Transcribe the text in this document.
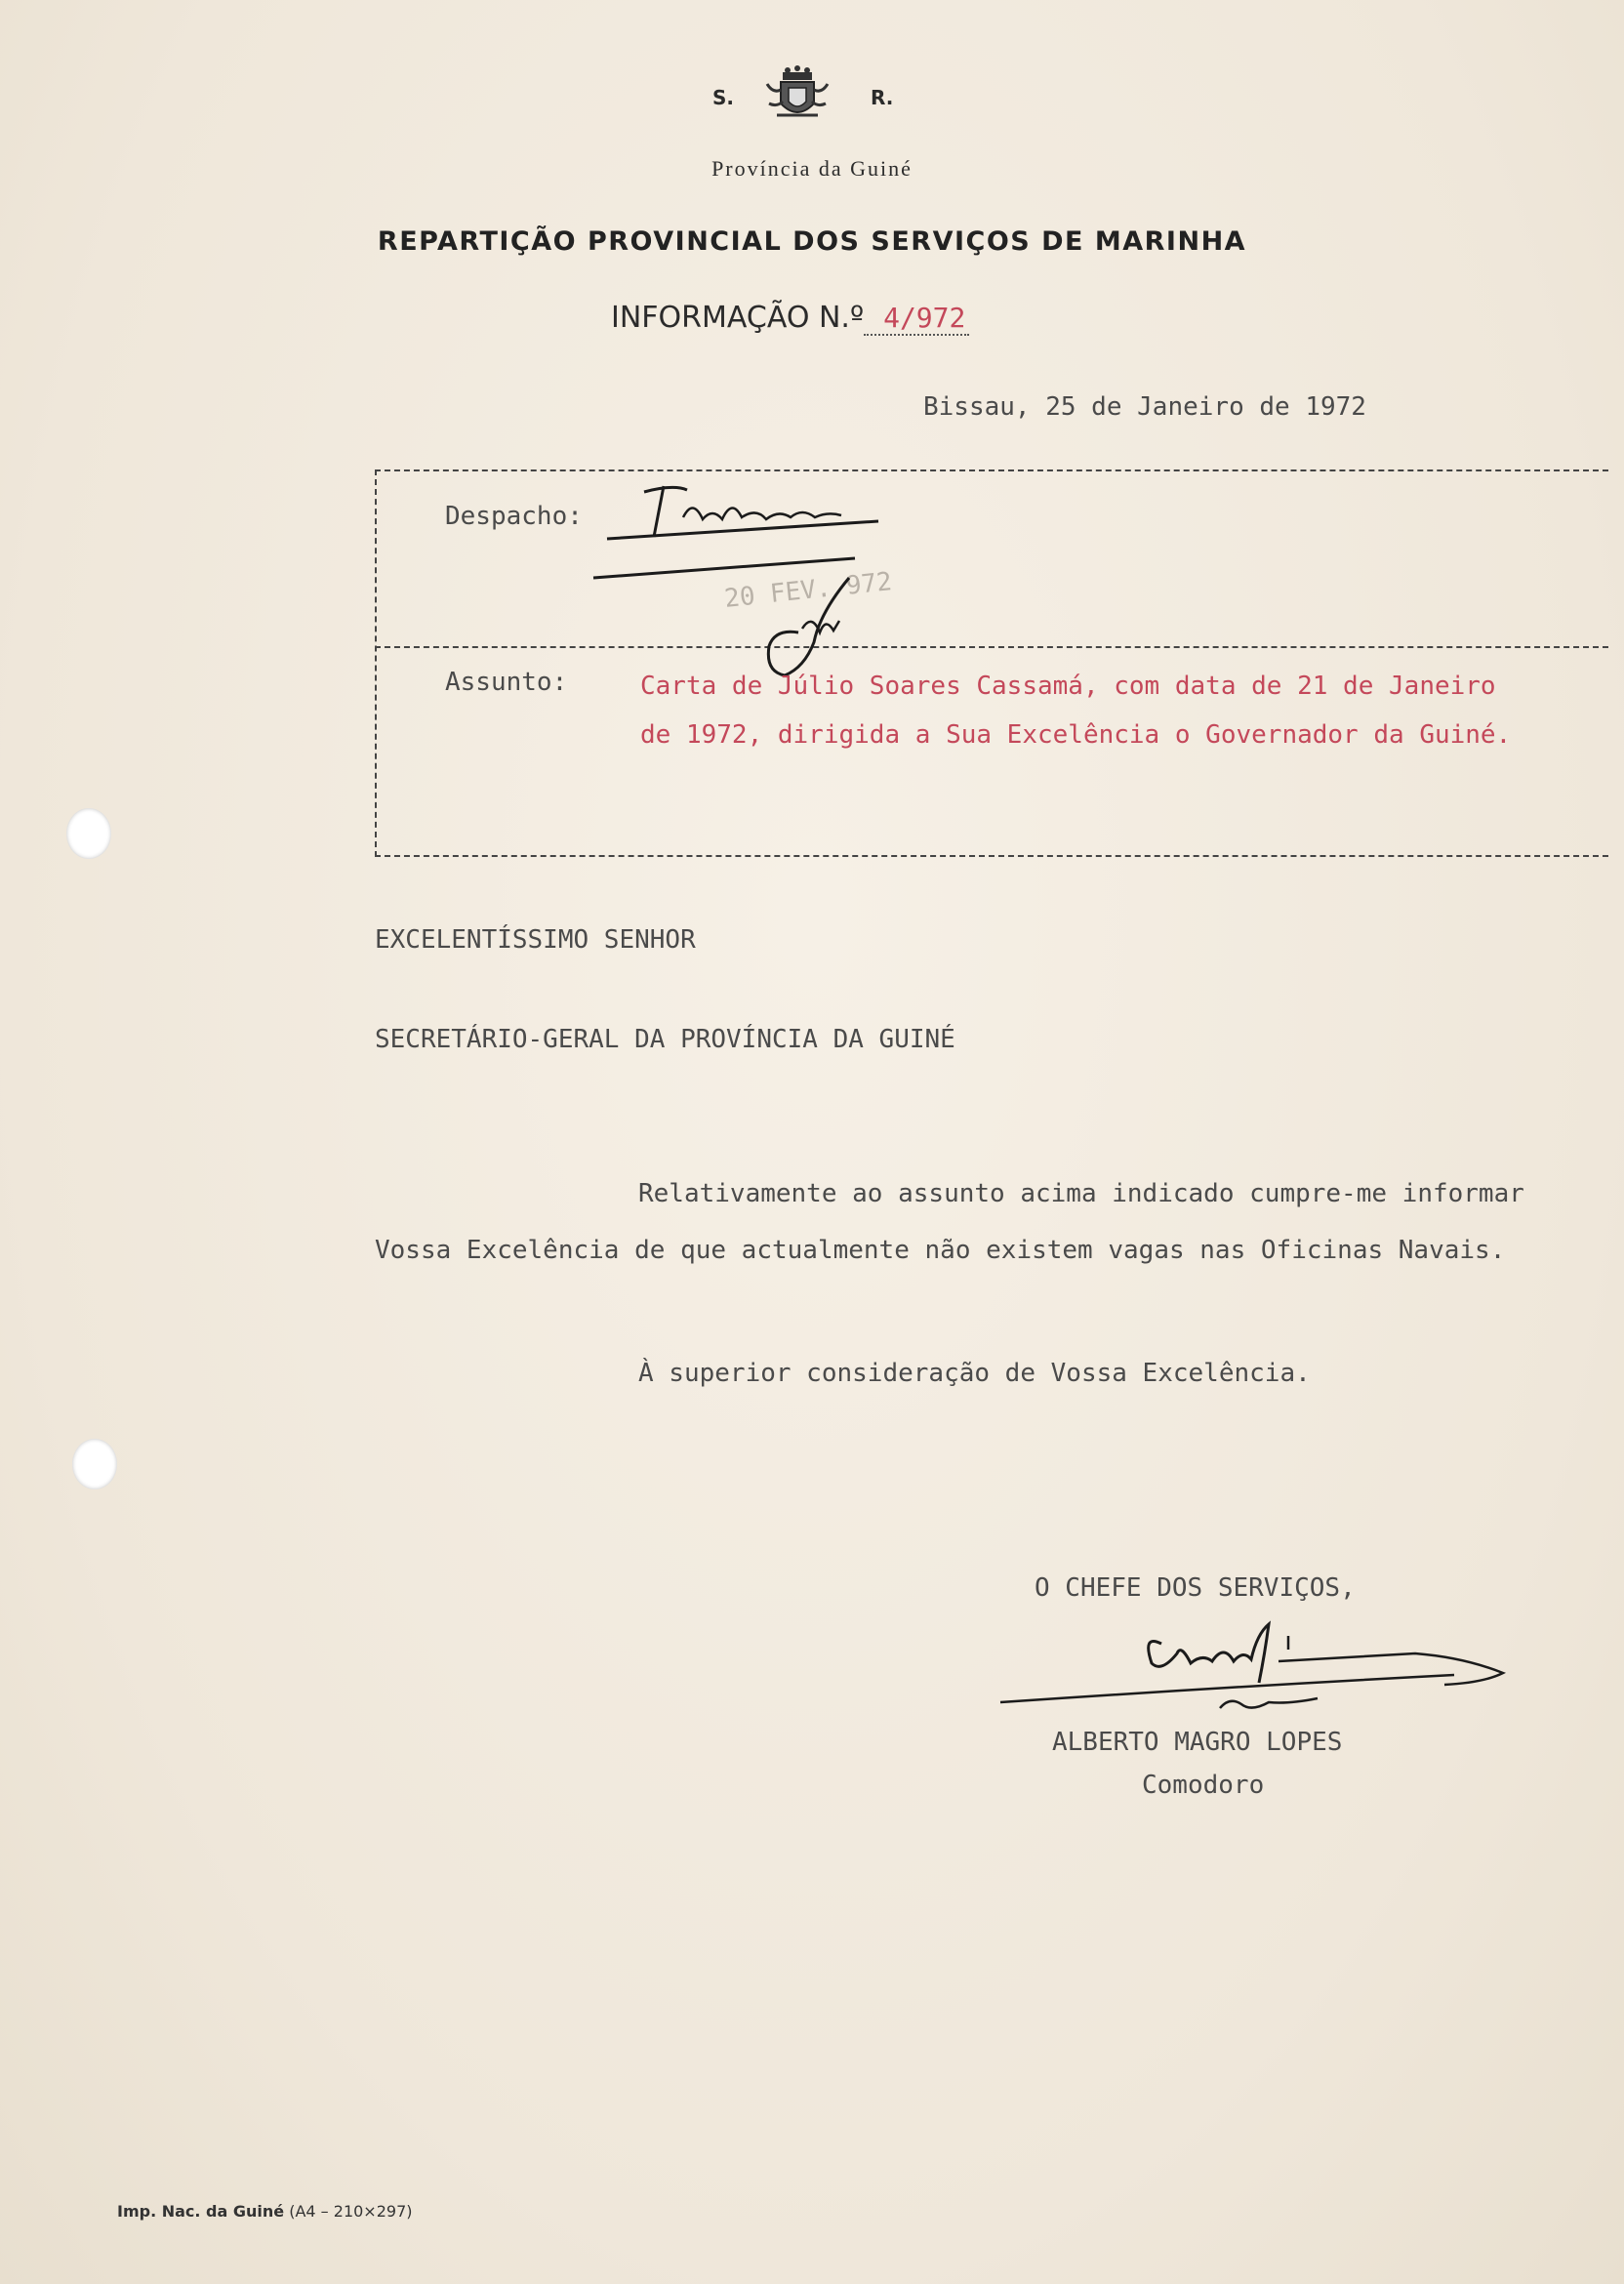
S.	R.
Província da Guiné
REPARTIÇÃO PROVINCIAL DOS SERVIÇOS DE MARINHA
INFORMAÇÃO N.º 4/972
Bissau, 25 de Janeiro de 1972
Despacho:
20 FEV. 972
Assunto:	Carta de Júlio Soares Cassamá, com data de 21 de Janeiro de 1972, dirigida a Sua Excelência o Governador da Guiné.
EXCELENTÍSSIMO SENHOR
SECRETÁRIO-GERAL DA PROVÍNCIA DA GUINÉ
Relativamente ao assunto acima indicado cumpre-me informar Vossa Excelência de que actualmente não existem vagas nas Oficinas Navais.
À superior consideração de Vossa Excelência.
O CHEFE DOS SERVIÇOS,
ALBERTO MAGRO LOPES
Comodoro
Imp. Nac. da Guiné (A4 – 210×297)
